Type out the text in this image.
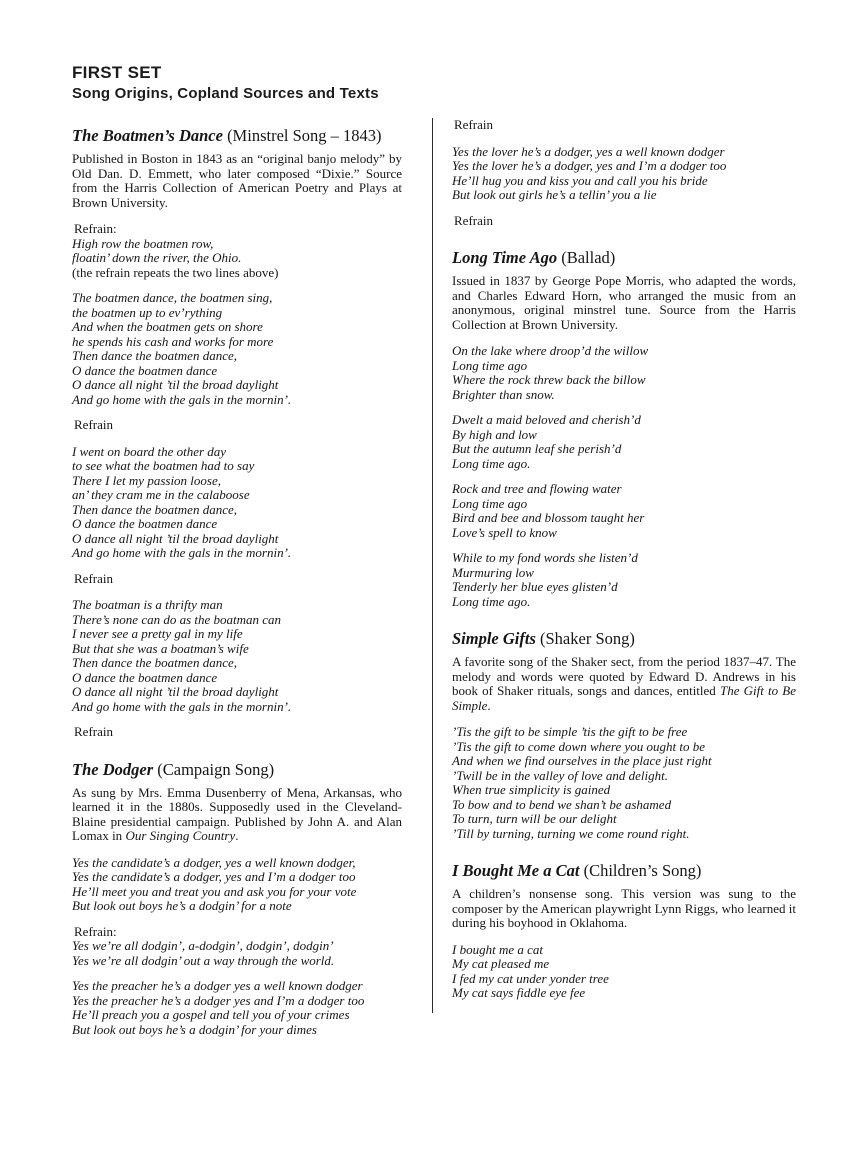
FIRST SET
Song Origins, Copland Sources and Texts
The Boatmen’s Dance (Minstrel Song – 1843)

Published in Boston in 1843 as an “original banjo melody” by Old Dan. D. Emmett, who later composed “Dixie.” Source from the Harris Collection of American Poetry and Plays at Brown University.

Refrain:

High row the boatmen row,
floatin’ down the river, the Ohio.
(the refrain repeats the two lines above)
The boatmen dance, the boatmen sing,
the boatmen up to ev’rything
And when the boatmen gets on shore
he spends his cash and works for more
Then dance the boatmen dance,
O dance the boatmen dance
O dance all night ’til the broad daylight
And go home with the gals in the mornin’.

Refrain

I went on board the other day
to see what the boatmen had to say
There I let my passion loose,
an’ they cram me in the calaboose
Then dance the boatmen dance,
O dance the boatmen dance
O dance all night ’til the broad daylight
And go home with the gals in the mornin’.

Refrain

The boatman is a thrifty man
There’s none can do as the boatman can
I never see a pretty gal in my life
But that she was a boatman’s wife
Then dance the boatmen dance,
O dance the boatmen dance
O dance all night ’til the broad daylight
And go home with the gals in the mornin’.

Refrain

The Dodger (Campaign Song)

As sung by Mrs. Emma Dusenberry of Mena, Arkansas, who learned it in the 1880s. Supposedly used in the Cleveland-Blaine presidential campaign. Published by John A. and Alan Lomax in Our Singing Country.

Yes the candidate’s a dodger, yes a well known dodger,
Yes the candidate’s a dodger, yes and I’m a dodger too
He’ll meet you and treat you and ask you for your vote
But look out boys he’s a dodgin’ for a note

Refrain:

Yes we’re all dodgin’, a-dodgin’, dodgin’, dodgin’
Yes we’re all dodgin’ out a way through the world.
Yes the preacher he’s a dodger yes a well known dodger
Yes the preacher he’s a dodger yes and I’m a dodger too
He’ll preach you a gospel and tell you of your crimes
But look out boys he’s a dodgin’ for your dimes

Refrain

Yes the lover he’s a dodger, yes a well known dodger
Yes the lover he’s a dodger, yes and I’m a dodger too
He’ll hug you and kiss you and call you his bride
But look out girls he’s a tellin’ you a lie

Refrain

Long Time Ago (Ballad)

Issued in 1837 by George Pope Morris, who adapted the words, and Charles Edward Horn, who arranged the music from an anonymous, original minstrel tune. Source from the Harris Collection at Brown University.

On the lake where droop’d the willow
Long time ago
Where the rock threw back the billow
Brighter than snow.
Dwelt a maid beloved and cherish’d
By high and low
But the autumn leaf she perish’d
Long time ago.
Rock and tree and flowing water
Long time ago
Bird and bee and blossom taught her
Love’s spell to know
While to my fond words she listen’d
Murmuring low
Tenderly her blue eyes glisten’d
Long time ago.
Simple Gifts (Shaker Song)

A favorite song of the Shaker sect, from the period 1837–47. The melody and words were quoted by Edward D. Andrews in his book of Shaker rituals, songs and dances, entitled The Gift to Be Simple.

’Tis the gift to be simple ’tis the gift to be free
’Tis the gift to come down where you ought to be
And when we find ourselves in the place just right
’Twill be in the valley of love and delight.
When true simplicity is gained
To bow and to bend we shan’t be ashamed
To turn, turn will be our delight
’Till by turning, turning we come round right.
I Bought Me a Cat (Children’s Song)

A children’s nonsense song. This version was sung to the composer by the American playwright Lynn Riggs, who learned it during his boyhood in Oklahoma.

I bought me a cat
My cat pleased me
I fed my cat under yonder tree
My cat says fiddle eye fee
